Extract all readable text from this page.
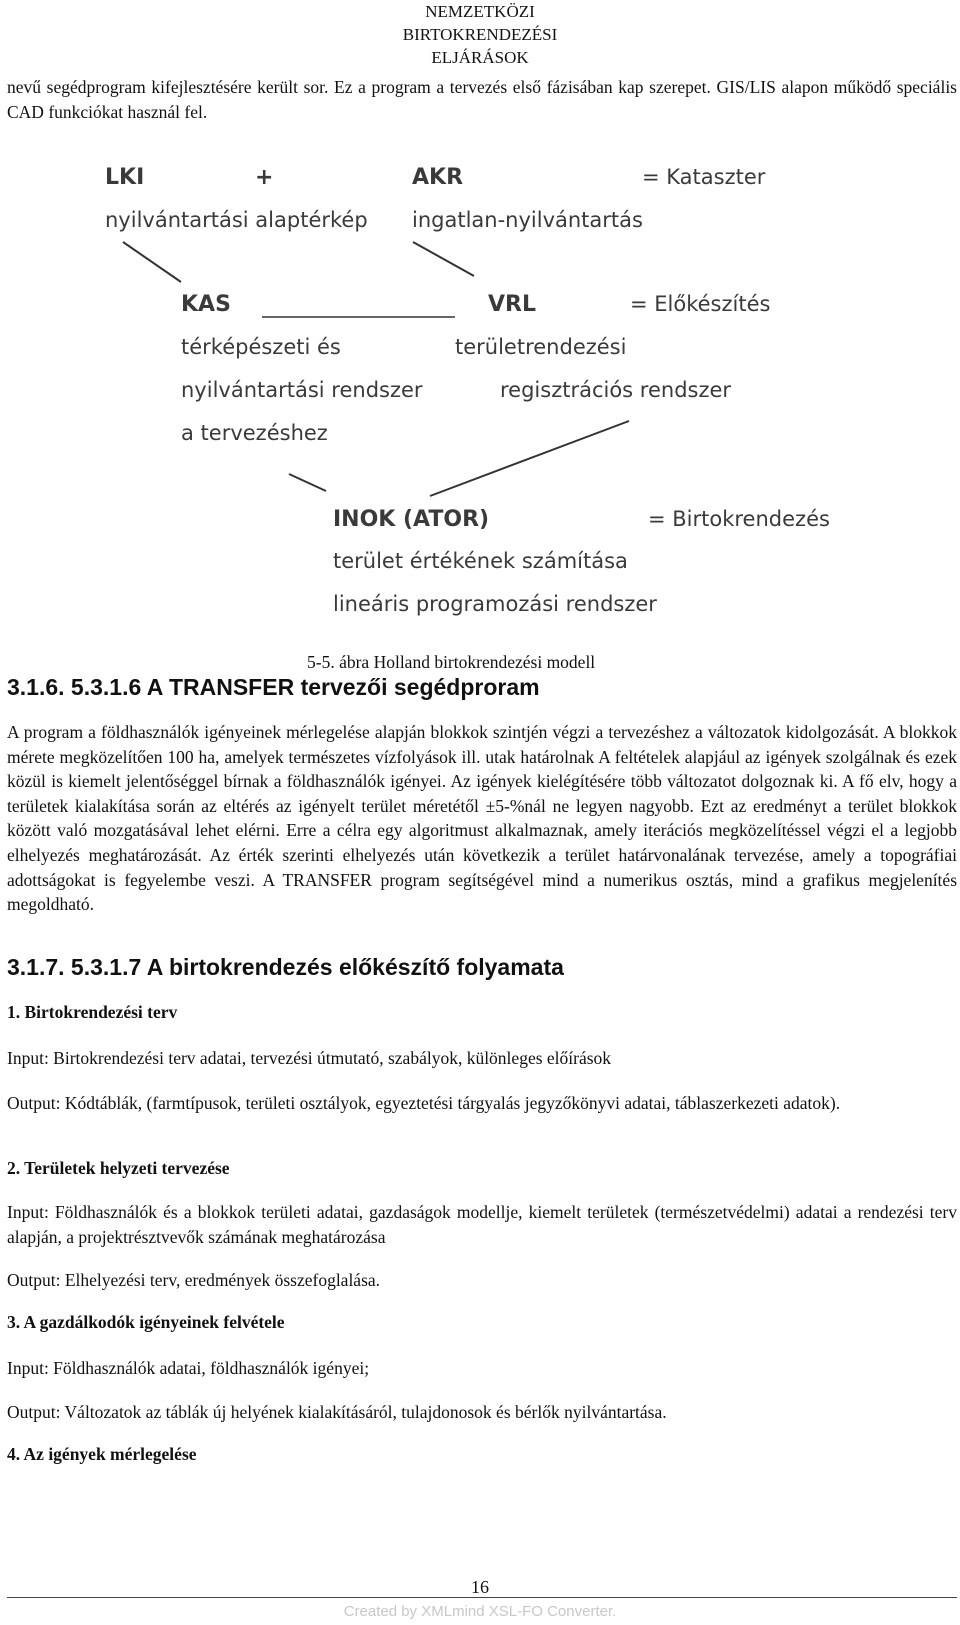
NEMZETKÖZI
BIRTOKRENDEZÉSI
ELJÁRÁSOK

nevű segédprogram kifejlesztésére került sor. Ez a program a tervezés első fázisában kap szerepet. GIS/LIS alapon működő speciális CAD funkciókat használ fel.

LKI	+	AKR	= Kataszter
nyilvántartási alaptérkép ingatlan-nyilvántartás
KAS	VRL	= Előkészítés
térképészeti és	területrendezési
nyilvántartási rendszer	regisztrációs rendszer
a tervezéshez
INOK (ATOR)	= Birtokrendezés
terület értékének számítása
lineáris programozási rendszer
5-5. ábra Holland birtokrendezési modell
3.1.6. 5.3.1.6 A TRANSFER tervezői segédproram

A program a földhasználók igényeinek mérlegelése alapján blokkok szintjén végzi a tervezéshez a változatok kidolgozását. A blokkok mérete megközelítően 100 ha, amelyek természetes vízfolyások ill. utak határolnak A feltételek alapjául az igények szolgálnak és ezek közül is kiemelt jelentőséggel bírnak a földhasználók igényei. Az igények kielégítésére több változatot dolgoznak ki. A fő elv, hogy a területek kialakítása során az eltérés az igényelt terület méretétől ±5-%nál ne legyen nagyobb. Ezt az eredményt a terület blokkok között való mozgatásával lehet elérni. Erre a célra egy algoritmust alkalmaznak, amely iterációs megközelítéssel végzi el a legjobb elhelyezés meghatározását. Az érték szerinti elhelyezés után következik a terület határvonalának tervezése, amely a topográfiai adottságokat is fegyelembe veszi. A TRANSFER program segítségével mind a numerikus osztás, mind a grafikus megjelenítés megoldható.

3.1.7. 5.3.1.7 A birtokrendezés előkészítő folyamata
1. Birtokrendezési terv

Input: Birtokrendezési terv adatai, tervezési útmutató, szabályok, különleges előírások

Output: Kódtáblák, (farmtípusok, területi osztályok, egyeztetési tárgyalás jegyzőkönyvi adatai, táblaszerkezeti adatok).

2. Területek helyzeti tervezése

Input: Földhasználók és a blokkok területi adatai, gazdaságok modellje, kiemelt területek (természetvédelmi) adatai a rendezési terv alapján, a projektrésztvevők számának meghatározása

Output: Elhelyezési terv, eredmények összefoglalása.

3. A gazdálkodók igényeinek felvétele

Input: Földhasználók adatai, földhasználók igényei;

Output: Változatok az táblák új helyének kialakításáról, tulajdonosok és bérlők nyilvántartása.

4. Az igények mérlegelése
16
Created by XMLmind XSL-FO Converter.
